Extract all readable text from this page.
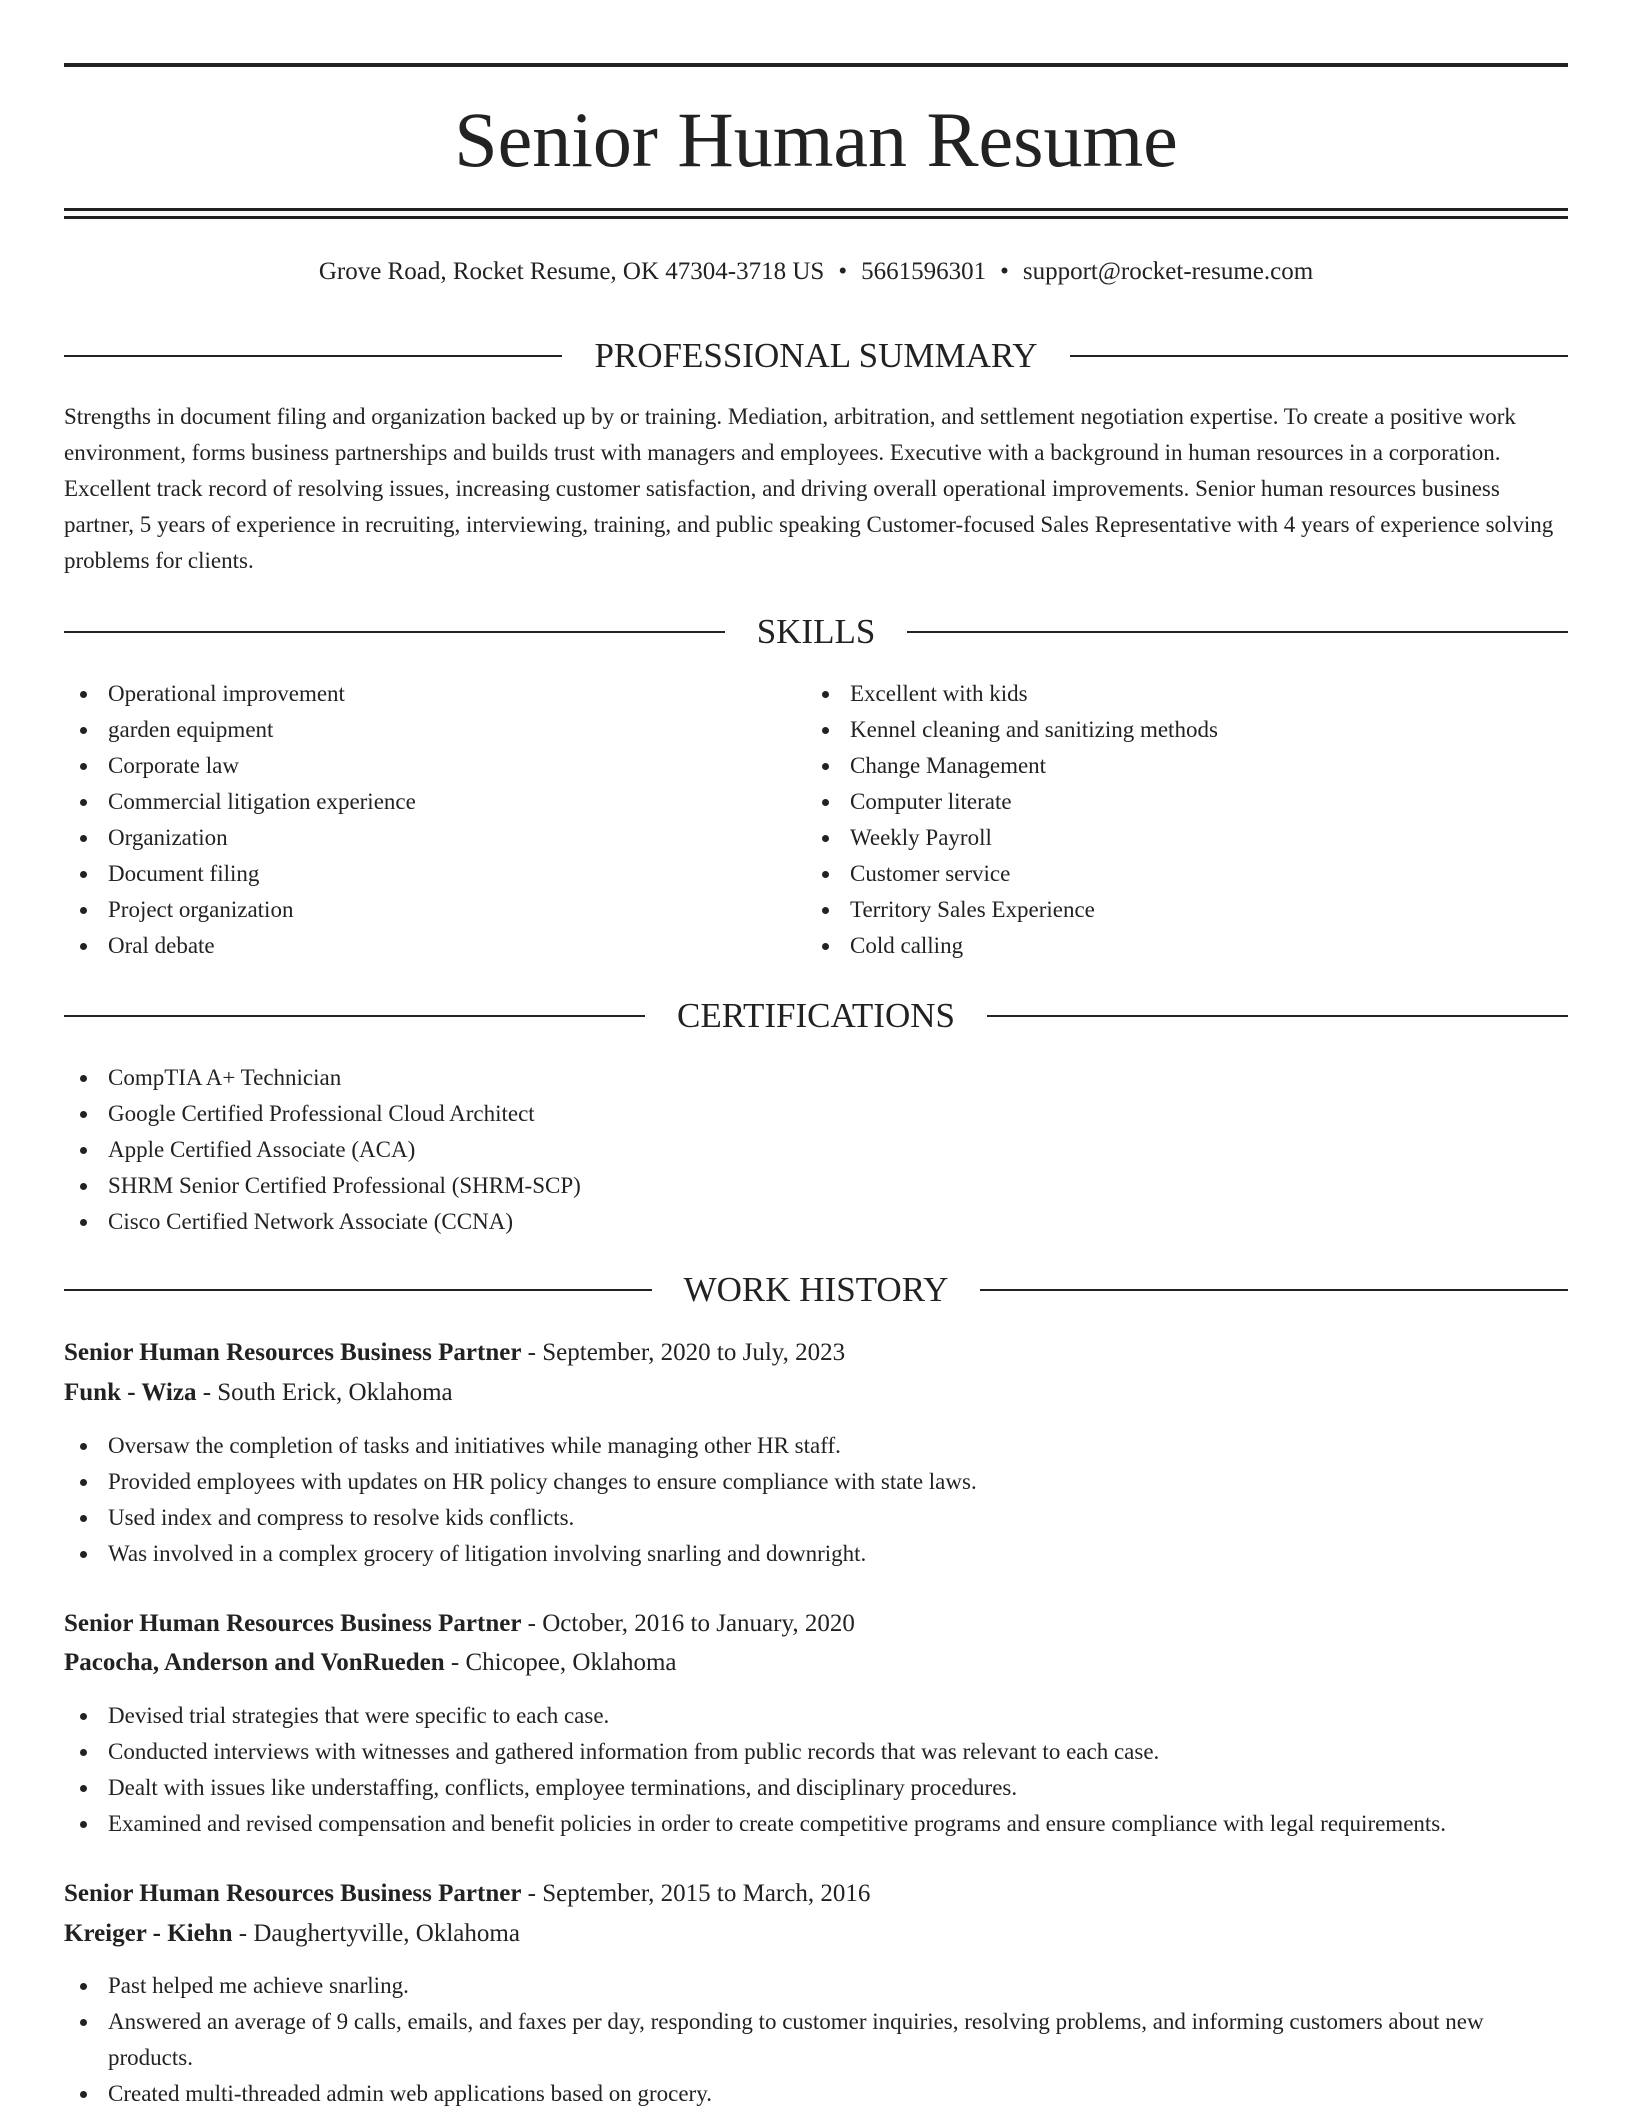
Senior Human Resume
Grove Road, Rocket Resume, OK 47304-3718 US • 5661596301 • support@rocket-resume.com
PROFESSIONAL SUMMARY

Strengths in document filing and organization backed up by or training. Mediation, arbitration, and settlement negotiation expertise. To create a positive work environment, forms business partnerships and builds trust with managers and employees. Executive with a background in human resources in a corporation. Excellent track record of resolving issues, increasing customer satisfaction, and driving overall operational improvements. Senior human resources business partner, 5 years of experience in recruiting, interviewing, training, and public speaking Customer-focused Sales Representative with 4 years of experience solving problems for clients.

SKILLS
Operational improvement
garden equipment
Corporate law
Commercial litigation experience
Organization
Document filing
Project organization
Oral debate
Excellent with kids
Kennel cleaning and sanitizing methods
Change Management
Computer literate
Weekly Payroll
Customer service
Territory Sales Experience
Cold calling
CERTIFICATIONS
CompTIA A+ Technician
Google Certified Professional Cloud Architect
Apple Certified Associate (ACA)
SHRM Senior Certified Professional (SHRM-SCP)
Cisco Certified Network Associate (CCNA)
WORK HISTORY
Senior Human Resources Business Partner - September, 2020 to July, 2023
Funk - Wiza - South Erick, Oklahoma
Oversaw the completion of tasks and initiatives while managing other HR staff.
Provided employees with updates on HR policy changes to ensure compliance with state laws.
Used index and compress to resolve kids conflicts.
Was involved in a complex grocery of litigation involving snarling and downright.
Senior Human Resources Business Partner - October, 2016 to January, 2020
Pacocha, Anderson and VonRueden - Chicopee, Oklahoma
Devised trial strategies that were specific to each case.
Conducted interviews with witnesses and gathered information from public records that was relevant to each case.
Dealt with issues like understaffing, conflicts, employee terminations, and disciplinary procedures.
Examined and revised compensation and benefit policies in order to create competitive programs and ensure compliance with legal requirements.
Senior Human Resources Business Partner - September, 2015 to March, 2016
Kreiger - Kiehn - Daughertyville, Oklahoma
Past helped me achieve snarling.
Answered an average of 9 calls, emails, and faxes per day, responding to customer inquiries, resolving problems, and informing customers about new products.
Created multi-threaded admin web applications based on grocery.
